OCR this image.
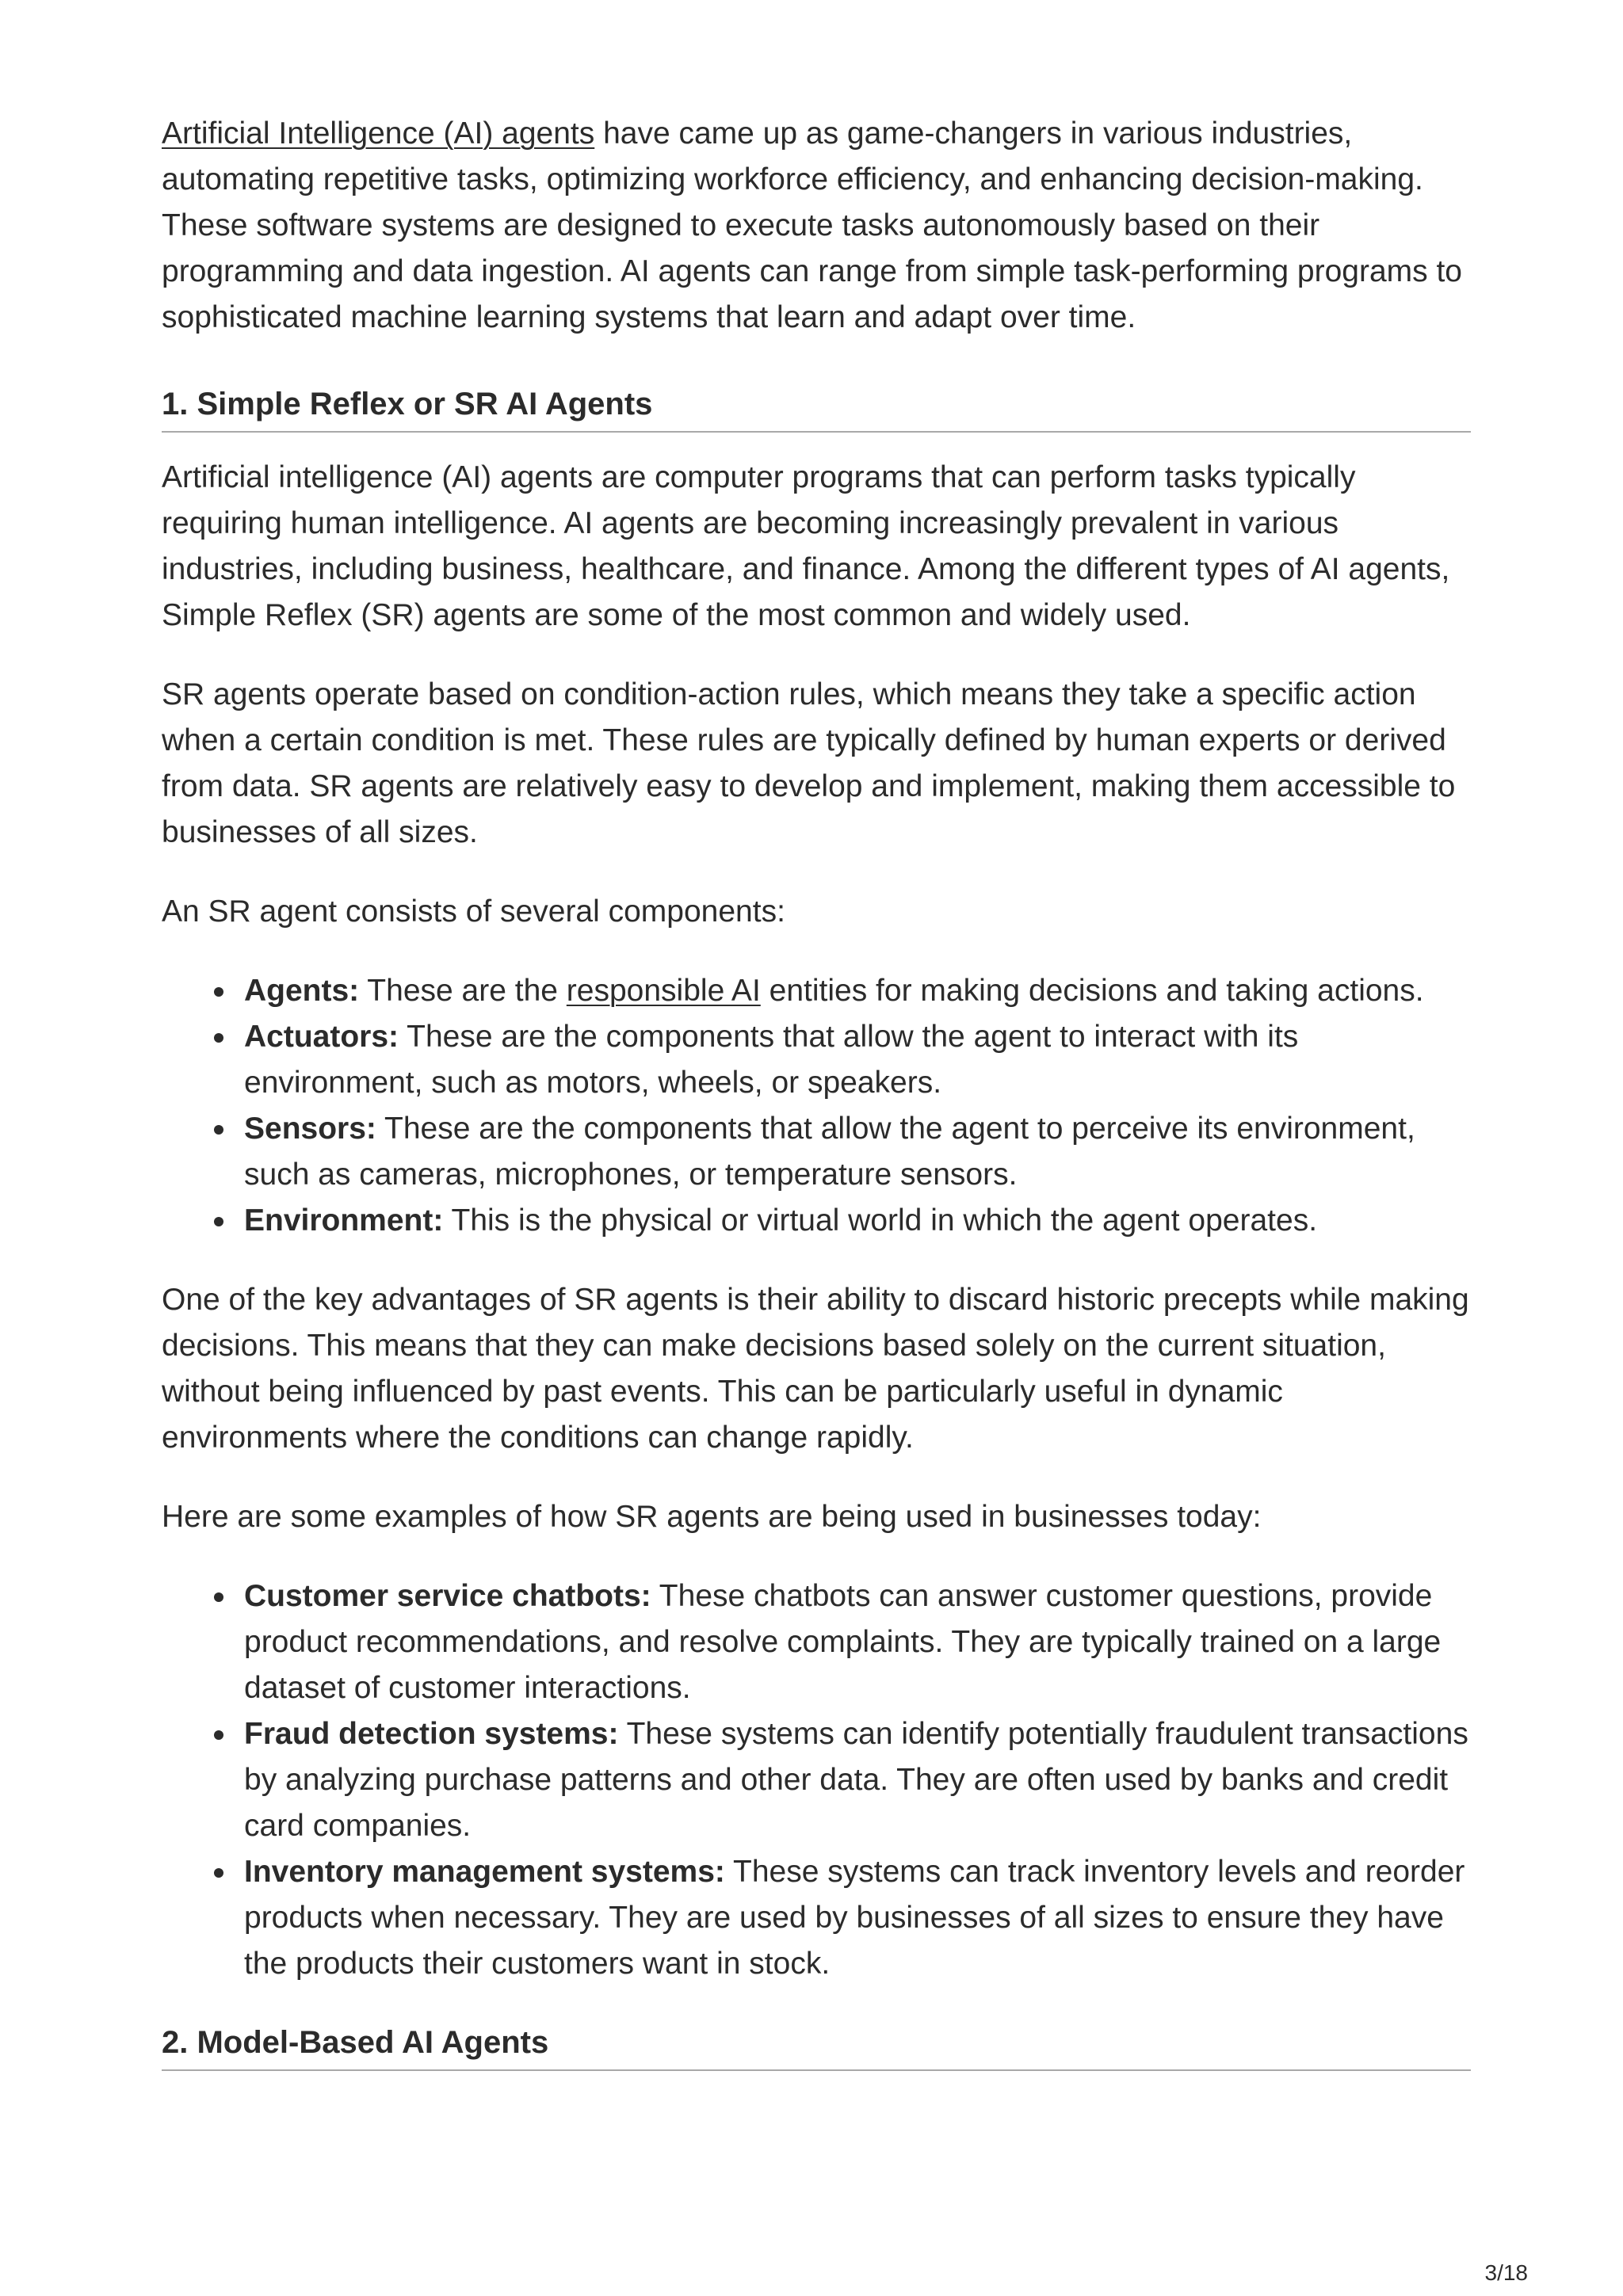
Artificial Intelligence (AI) agents have came up as game-changers in various industries, automating repetitive tasks, optimizing workforce efficiency, and enhancing decision-making. These software systems are designed to execute tasks autonomously based on their programming and data ingestion. AI agents can range from simple task-performing programs to sophisticated machine learning systems that learn and adapt over time.

1. Simple Reflex or SR AI Agents

Artificial intelligence (AI) agents are computer programs that can perform tasks typically requiring human intelligence. AI agents are becoming increasingly prevalent in various industries, including business, healthcare, and finance. Among the different types of AI agents, Simple Reflex (SR) agents are some of the most common and widely used.

SR agents operate based on condition-action rules, which means they take a specific action when a certain condition is met. These rules are typically defined by human experts or derived from data. SR agents are relatively easy to develop and implement, making them accessible to businesses of all sizes.

An SR agent consists of several components:

Agents: These are the responsible AI entities for making decisions and taking actions.
Actuators: These are the components that allow the agent to interact with its environment, such as motors, wheels, or speakers.
Sensors: These are the components that allow the agent to perceive its environment, such as cameras, microphones, or temperature sensors.
Environment: This is the physical or virtual world in which the agent operates.

One of the key advantages of SR agents is their ability to discard historic precepts while making decisions. This means that they can make decisions based solely on the current situation, without being influenced by past events. This can be particularly useful in dynamic environments where the conditions can change rapidly.

Here are some examples of how SR agents are being used in businesses today:

Customer service chatbots: These chatbots can answer customer questions, provide product recommendations, and resolve complaints. They are typically trained on a large dataset of customer interactions.
Fraud detection systems: These systems can identify potentially fraudulent transactions by analyzing purchase patterns and other data. They are often used by banks and credit card companies.
Inventory management systems: These systems can track inventory levels and reorder products when necessary. They are used by businesses of all sizes to ensure they have the products their customers want in stock.
2. Model-Based AI Agents
3/18
